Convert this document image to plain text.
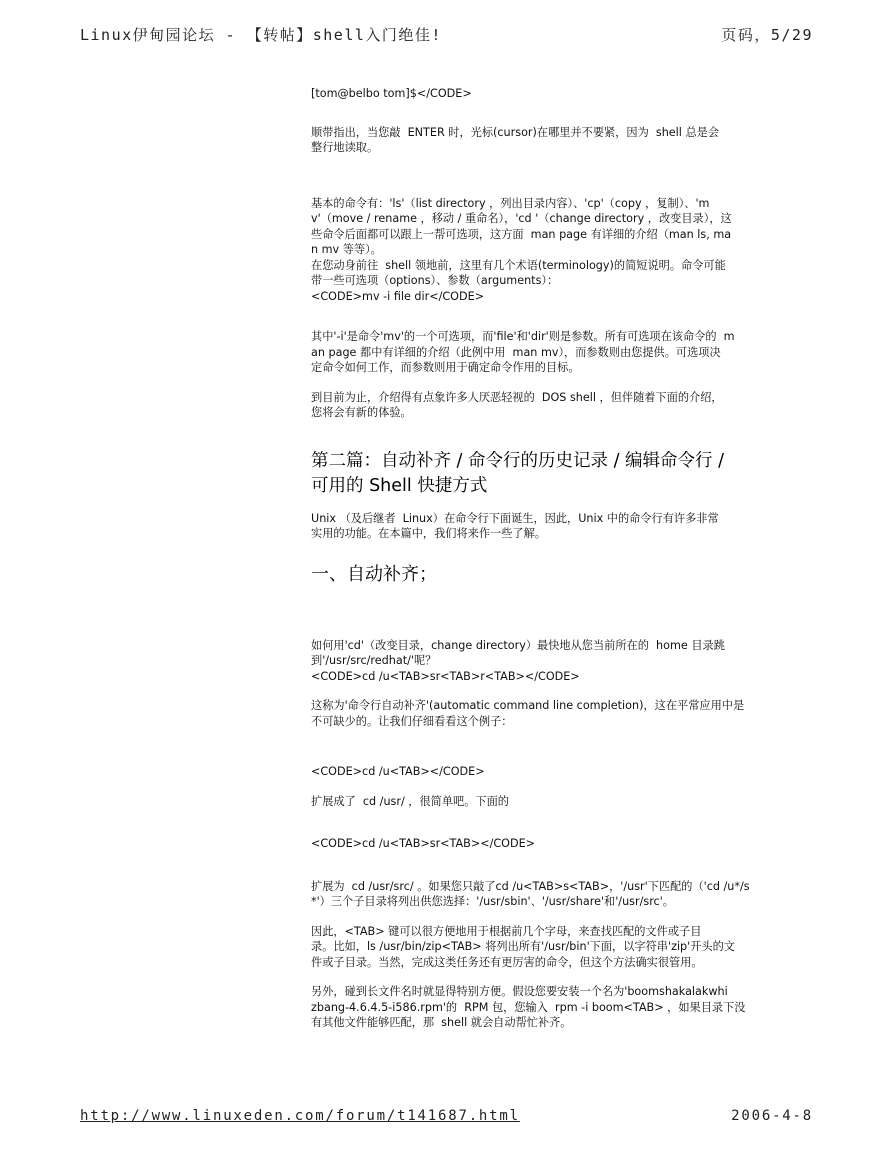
Linux伊甸园论坛 - 【转帖】shell入门绝佳!	页码，5/29
[tom@belbo tom]$</CODE>
顺带指出，当您敲  ENTER 时，光标(cursor)在哪里并不要紧，因为  shell 总是会
整行地读取。
基本的命令有：'ls'（list directory ，列出目录内容）、'cp'（copy ，复制）、'm
v'（move / rename ，移动 / 重命名），'cd '（change directory ，改变目录），这
些命令后面都可以跟上一帮可选项，这方面  man page 有详细的介绍（man ls, ma
n mv 等等）。
在您动身前往  shell 领地前，这里有几个术语(terminology)的简短说明。命令可能
带一些可选项（options）、参数（arguments）：
<CODE>mv -i file dir</CODE>
其中'-i'是命令'mv'的一个可选项，而'file'和'dir'则是参数。所有可选项在该命令的  m
an page 都中有详细的介绍（此例中用  man mv），而参数则由您提供。可选项决
定命令如何工作，而参数则用于确定命令作用的目标。
到目前为止，介绍得有点象许多人厌恶轻视的  DOS shell ，但伴随着下面的介绍，
您将会有新的体验。
第二篇：自动补齐 / 命令行的历史记录 / 编辑命令行 /
可用的 Shell 快捷方式
Unix （及后继者  Linux）在命令行下面诞生，因此，Unix 中的命令行有许多非常
实用的功能。在本篇中，我们将来作一些了解。
一、自动补齐；
如何用'cd'（改变目录，change directory）最快地从您当前所在的  home 目录跳
到'/usr/src/redhat/'呢？
<CODE>cd /u<TAB>sr<TAB>r<TAB></CODE>
这称为'命令行自动补齐'(automatic command line completion)，这在平常应用中是
不可缺少的。让我们仔细看看这个例子：
<CODE>cd /u<TAB></CODE>
扩展成了  cd /usr/ ，很简单吧。下面的
<CODE>cd /u<TAB>sr<TAB></CODE>
扩展为  cd /usr/src/ 。如果您只敲了cd /u<TAB>s<TAB>，'/usr'下匹配的（'cd /u*/s
*'）三个子目录将列出供您选择：'/usr/sbin'、'/usr/share'和'/usr/src'。
因此，<TAB> 键可以很方便地用于根据前几个字母，来查找匹配的文件或子目
录。比如，ls /usr/bin/zip<TAB> 将列出所有'/usr/bin'下面，以字符串'zip'开头的文
件或子目录。当然，完成这类任务还有更厉害的命令，但这个方法确实很管用。
另外，碰到长文件名时就显得特别方便。假设您要安装一个名为'boomshakalakwhi
zbang-4.6.4.5-i586.rpm'的  RPM 包，您输入  rpm -i boom<TAB> ，如果目录下没
有其他文件能够匹配，那  shell 就会自动帮忙补齐。
http://www.linuxeden.com/forum/t141687.html	2006-4-8
